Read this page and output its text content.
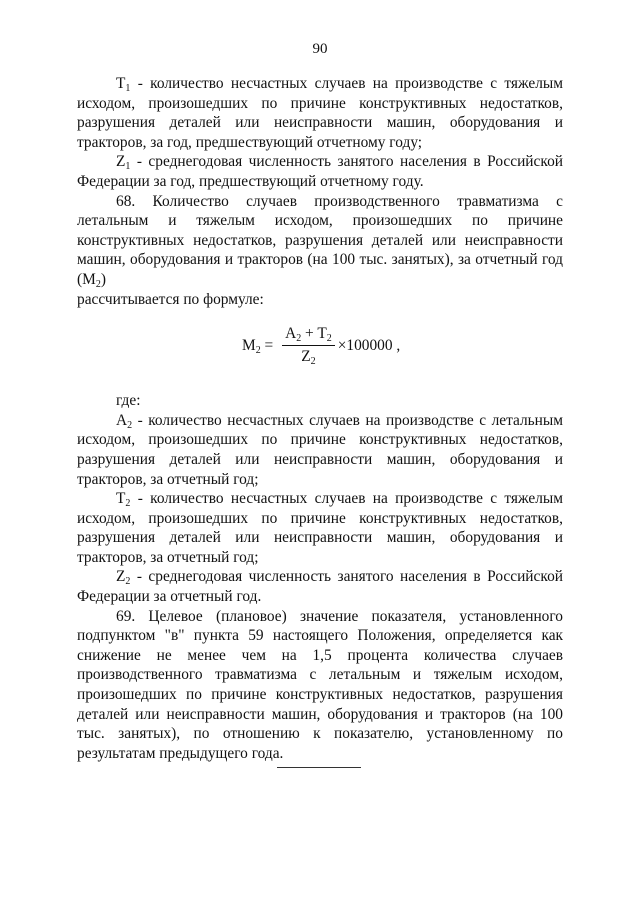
90

$T_1$ - количество несчастных случаев на производстве с тяжелым исходом, произошедших по причине конструктивных недостатков, разрушения деталей или неисправности машин, оборудования и тракторов, за год, предшествующий отчетному году;

$Z_1$ - среднегодовая численность занятого населения в Российской Федерации за год, предшествующий отчетному году.

68. Количество случаев производственного травматизма с летальным и тяжелым исходом, произошедших по причине конструктивных недостатков, разрушения деталей или неисправности машин, оборудования и тракторов (на 100 тыс. занятых), за отчетный год $(M_2)$
рассчитывается по формуле:

$M_2 = \frac{A_2 + T_2}{Z_2} \times 100000$ ,

где:

$A_2$ - количество несчастных случаев на производстве с летальным исходом, произошедших по причине конструктивных недостатков, разрушения деталей или неисправности машин, оборудования и тракторов, за отчетный год;

$T_2$ - количество несчастных случаев на производстве с тяжелым исходом, произошедших по причине конструктивных недостатков, разрушения деталей или неисправности машин, оборудования и тракторов, за отчетный год;

$Z_2$ - среднегодовая численность занятого населения в Российской Федерации за отчетный год.

69. Целевое (плановое) значение показателя, установленного подпунктом "в" пункта 59 настоящего Положения, определяется как снижение не менее чем на 1,5 процента количества случаев производственного травматизма с летальным и тяжелым исходом, произошедших по причине конструктивных недостатков, разрушения деталей или неисправности машин, оборудования и тракторов (на 100 тыс. занятых), по отношению к показателю, установленному по результатам предыдущего года.
